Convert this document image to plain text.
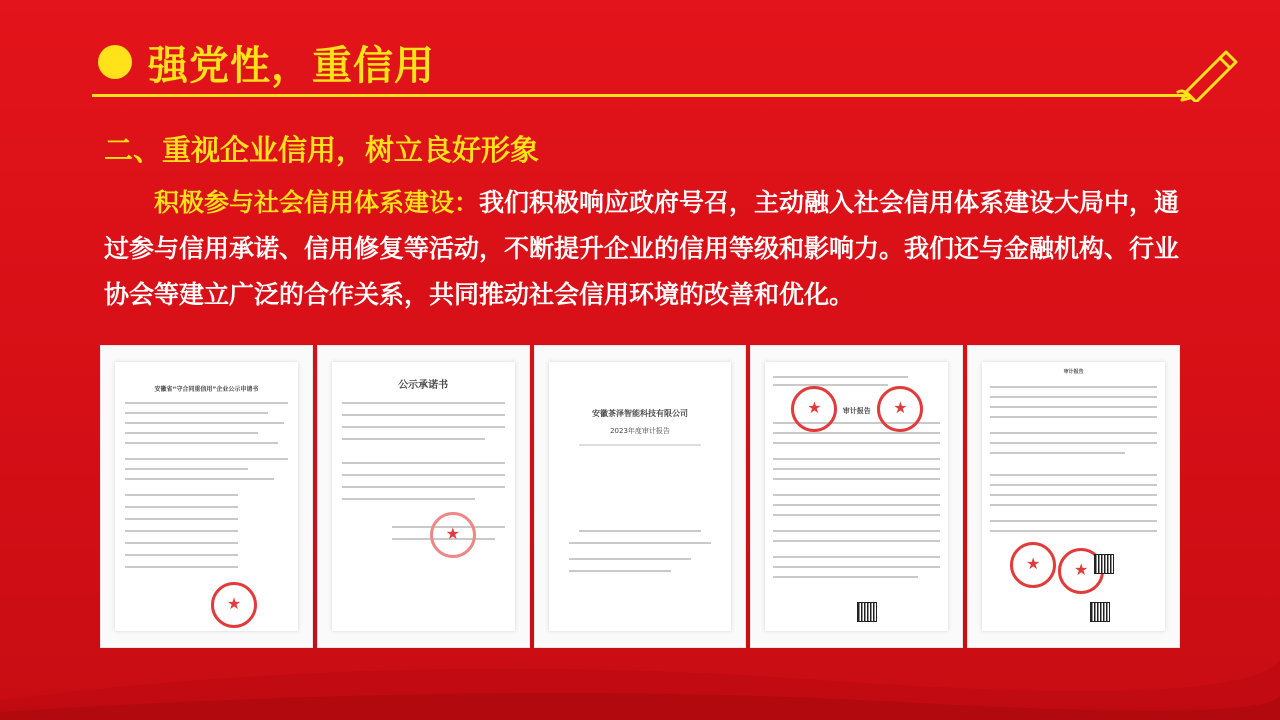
强党性，重信用
二、重视企业信用，树立良好形象
积极参与社会信用体系建设：我们积极响应政府号召，主动融入社会信用体系建设大局中，通过参与信用承诺、信用修复等活动，不断提升企业的信用等级和影响力。我们还与金融机构、行业协会等建立广泛的合作关系，共同推动社会信用环境的改善和优化。
安徽省“守合同重信用”企业公示申请书
★	公示承诺书
★
安徽茶泽智能科技有限公司
2023年度审计报告
审计报告
★
★
审计报告
★
★
